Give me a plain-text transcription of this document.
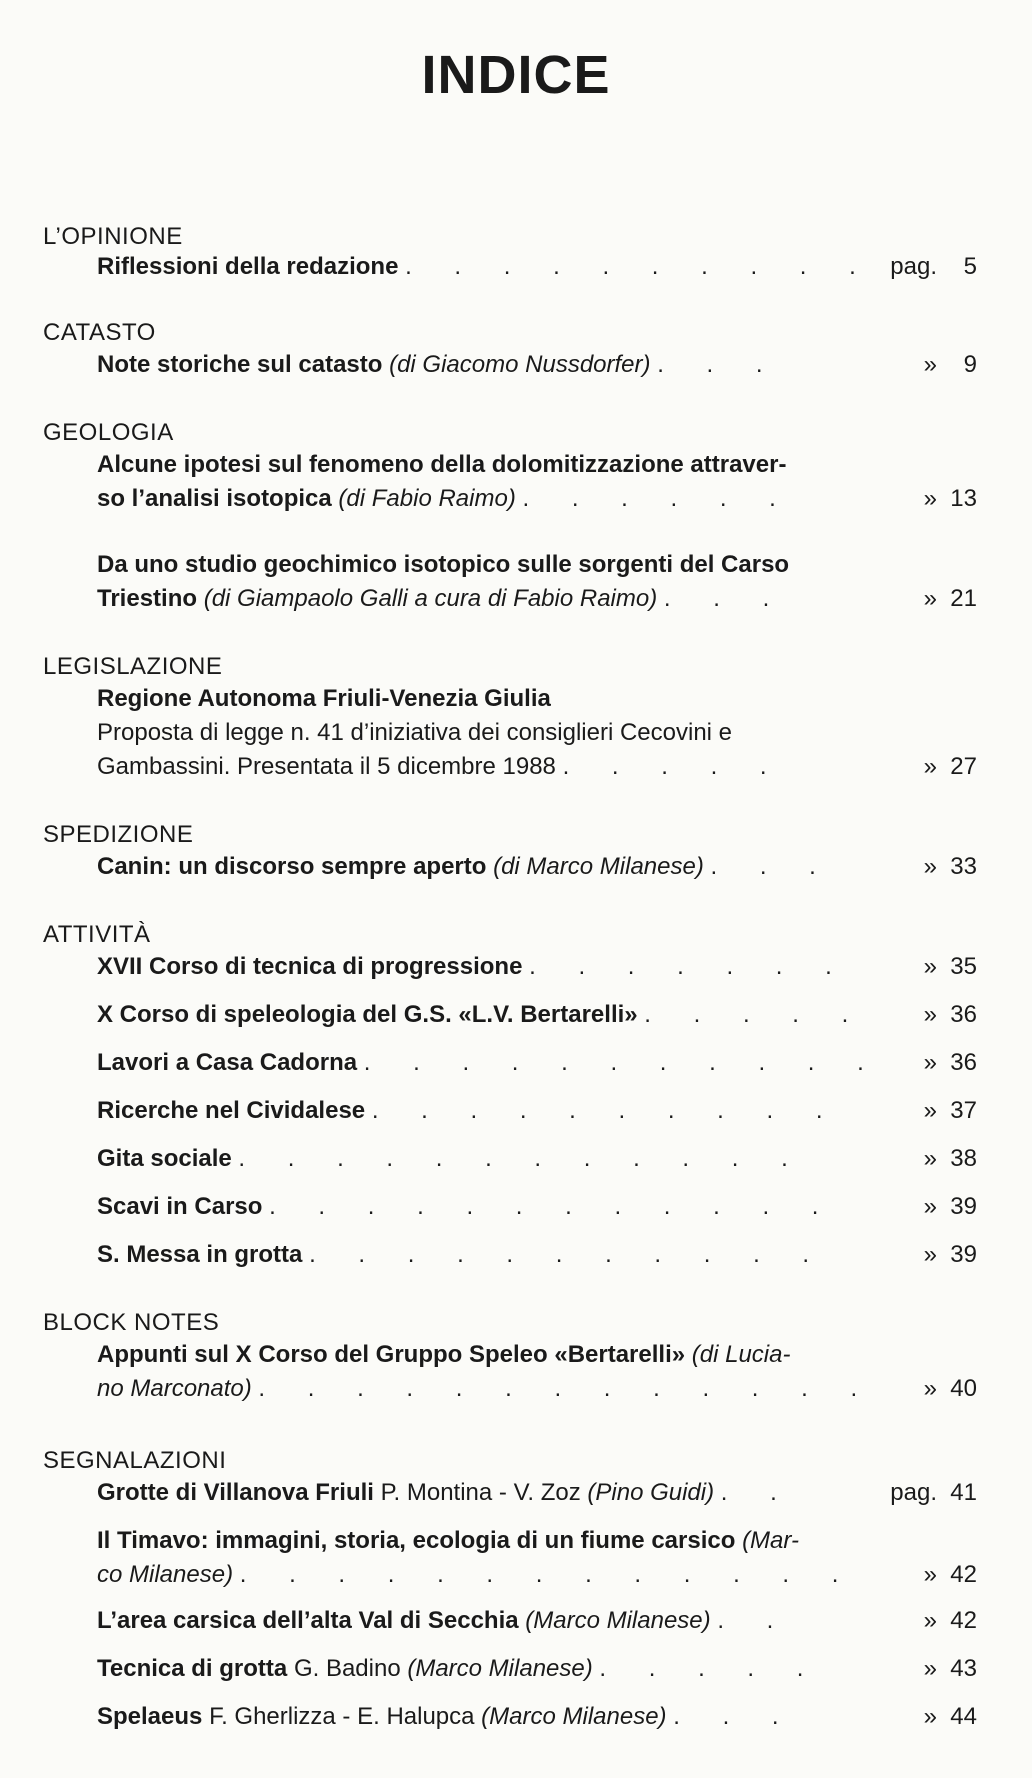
INDICE
L’OPINIONE
Riflessioni della redazione . . . . . . . . . . pag. 5
CATASTO
Note storiche sul catasto (di Giacomo Nussdorfer) . . .	» 9
GEOLOGIA
Alcune ipotesi sul fenomeno della dolomitizzazione attraver-
so l’analisi isotopica (di Fabio Raimo) . . . . . .	» 13
Da uno studio geochimico isotopico sulle sorgenti del Carso
Triestino (di Giampaolo Galli a cura di Fabio Raimo) . . .	» 21
LEGISLAZIONE
Regione Autonoma Friuli-Venezia Giulia
Proposta di legge n. 41 d’iniziativa dei consiglieri Cecovini e
Gambassini. Presentata il 5 dicembre 1988 . . . . .	» 27
SPEDIZIONE
Canin: un discorso sempre aperto (di Marco Milanese) . . .	» 33
ATTIVITÀ
XVII Corso di tecnica di progressione . . . . . . .	» 35
X Corso di speleologia del G.S. «L.V. Bertarelli» . . . . .	» 36
Lavori a Casa Cadorna . . . . . . . . . . .	» 36
Ricerche nel Cividalese . . . . . . . . . .	» 37
Gita sociale . . . . . . . . . . . .	» 38
Scavi in Carso . . . . . . . . . . . .	» 39
S. Messa in grotta . . . . . . . . . . .	» 39
BLOCK NOTES
Appunti sul X Corso del Gruppo Speleo «Bertarelli» (di Lucia-
no Marconato) . . . . . . . . . . . . .	» 40
SEGNALAZIONI
Grotte di Villanova Friuli P. Montina - V. Zoz (Pino Guidi) . .	pag. 41
Il Timavo: immagini, storia, ecologia di un fiume carsico (Mar-
co Milanese) . . . . . . . . . . . . .	» 42
L’area carsica dell’alta Val di Secchia (Marco Milanese) . .	» 42
Tecnica di grotta G. Badino (Marco Milanese) . . . . .	» 43
Spelaeus F. Gherlizza - E. Halupca (Marco Milanese) . . .	» 44
